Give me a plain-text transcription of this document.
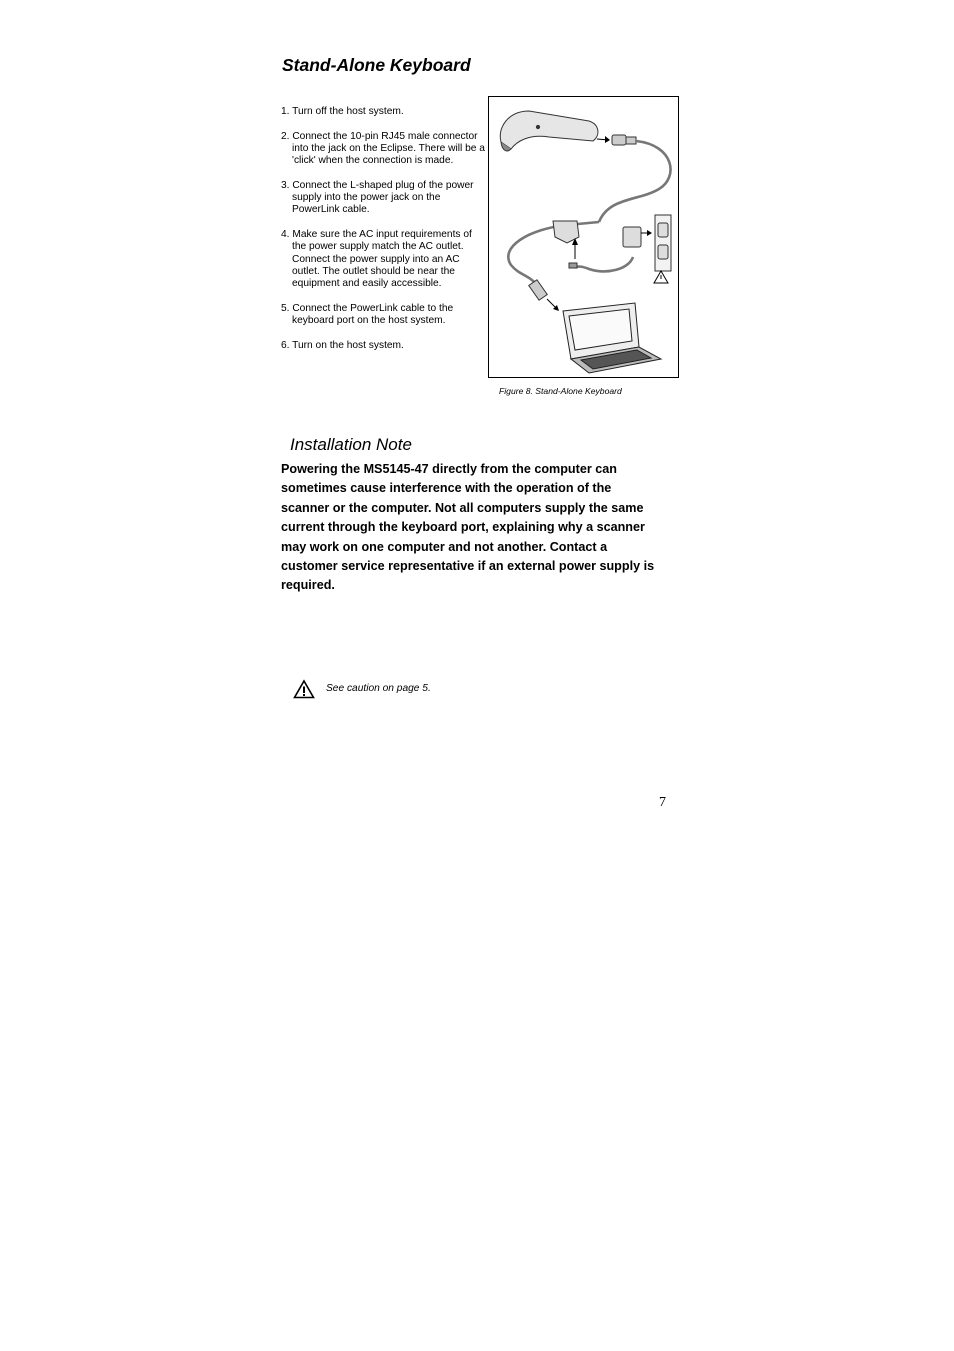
Stand-Alone Keyboard
1. Turn off the host system.
2. Connect the 10-pin RJ45 male connector into the jack on the Eclipse. There will be a 'click' when the connection is made.
3. Connect the L-shaped plug of the power supply into the power jack on the PowerLink cable.
4. Make sure the AC input requirements of the power supply match the AC outlet. Connect the power supply into an AC outlet. The outlet should be near the equipment and easily accessible.
5. Connect the PowerLink cable to the keyboard port on the host system.
6. Turn on the host system.
Figure 8. Stand-Alone Keyboard
Installation Note

Powering the MS5145-47 directly from the computer can sometimes cause interference with the operation of the scanner or the computer. Not all computers supply the same current through the keyboard port, explaining why a scanner may work on one computer and not another. Contact a customer service representative if an external power supply is required.

See caution on page 5.
7
